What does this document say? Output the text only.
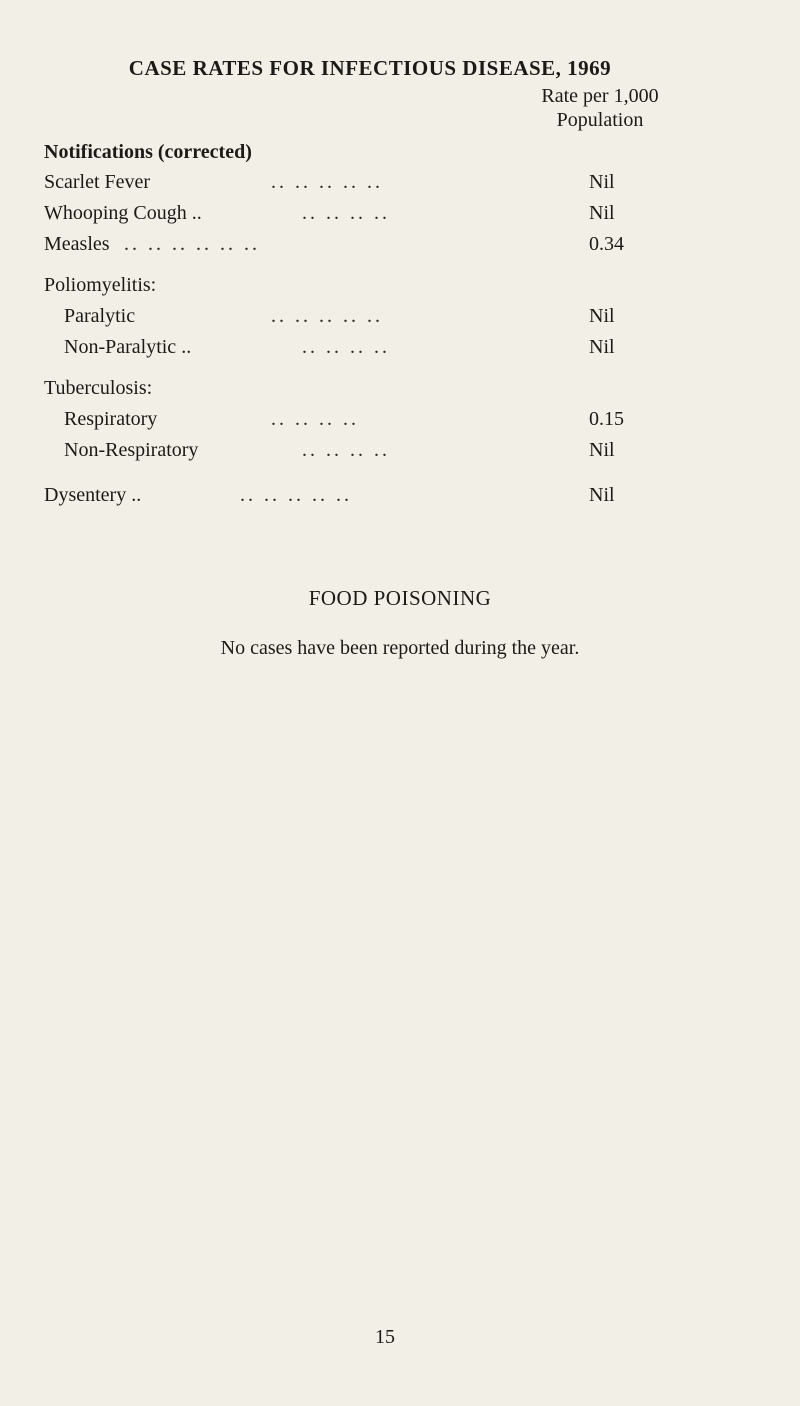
CASE RATES FOR INFECTIOUS DISEASE, 1969
Rate per 1,000
Population
Notifications (corrected)
Scarlet Fever	.. .. .. .. ..	Nil
Whooping Cough ..	.. .. .. ..	Nil
Measles .. .. .. .. .. ..	0.34
Poliomyelitis:
Paralytic	.. .. .. .. ..	Nil
Non-Paralytic ..	.. .. .. ..	Nil
Tuberculosis:
Respiratory	.. .. .. ..	0.15
Non-Respiratory	.. .. .. ..	Nil
Dysentery ..	.. .. .. .. ..	Nil
FOOD POISONING
No cases have been reported during the year.
15
